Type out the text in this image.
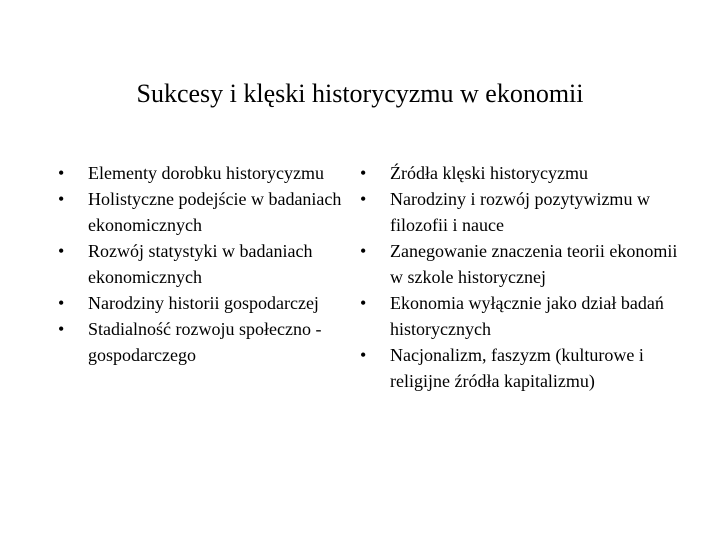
Sukcesy i klęski historycyzmu w ekonomii
• Elementy dorobku historycyzmu
• Holistyczne podejście w badaniach ekonomicznych
• Rozwój statystyki w badaniach ekonomicznych
• Narodziny historii gospodarczej
• Stadialność rozwoju społeczno - gospodarczego
• Źródła klęski historycyzmu
• Narodziny i rozwój pozytywizmu w filozofii i nauce
• Zanegowanie znaczenia teorii ekonomii w szkole historycznej
• Ekonomia wyłącznie jako dział badań historycznych
• Nacjonalizm, faszyzm (kulturowe i religijne źródła kapitalizmu)
